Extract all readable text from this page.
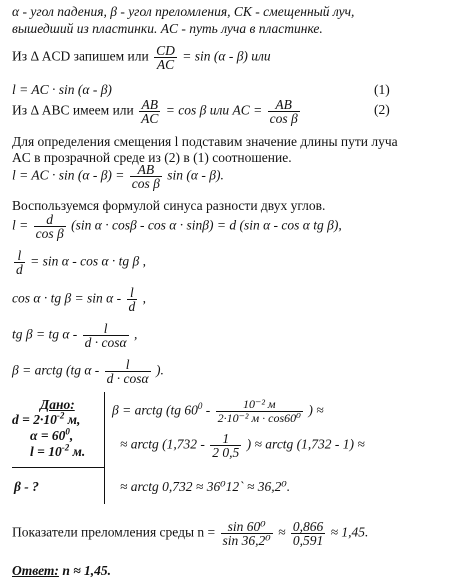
α - угол падения, β - угол преломления, CK - смещенный луч,
вышедший из пластинки. AC - путь луча в пластинке.
Из Δ ACD запишем или $\frac{CD}{AC} = \sin (\alpha - \beta)$ или
l = AC · sin (α - β)	(1)
Из Δ ABC имеем или $\frac{AB}{AC} = \cos \beta$ или AC = $\frac{AB}{\text{cos β}}$	(2)
Для определения смещения l подставим значение длины пути луча
AC в прозрачной среде из (2) в (1) соотношение.
l = AC · $\sin (\alpha - \beta) = \frac{AB}{\text{cos β}}$ sin (α - β).
Воспользуемся формулой синуса разности двух углов.
$l = \frac{d}{\text{cos β}} (\sin$ α · cosβ - cos α · sinβ) = d (sin α - cos α tg β),
$\frac{l}{d} = \sin \alpha - \cos \alpha$ · tg β ,
cos α · tg $\beta = \sin \alpha - \frac{l}{d}$ ,
tg β = tg α - $\frac{l}{d \cdot \cos\alpha}$ ,
β = arctg (tg α - $\frac{l}{d \cdot \cos\alpha}$ ).
Дано:
$d = 2\cdot 10^{-2}$ м,
$\alpha = 60^0$,
$l = 10^{-2}$ м.
β - ?
β = arctg (tg $60^0 - \frac{\text{10⁻² м}}{\text{2·10⁻² м · cos60⁰}}$ ) ≈
≈ arctg ($1,732 - \frac{1}{2 0,5}$ ) ≈ arctg (1,732 - 1) ≈
≈ arctg 0,732 ≈ 36⁰12` ≈ 36,2⁰.
Показатели преломления среды $n = \frac{\text{sin 60⁰}}{\text{sin 36,2⁰}} \approx \frac{0,866}{0,591} \approx 1,45$.
Ответ: n ≈ 1,45.
